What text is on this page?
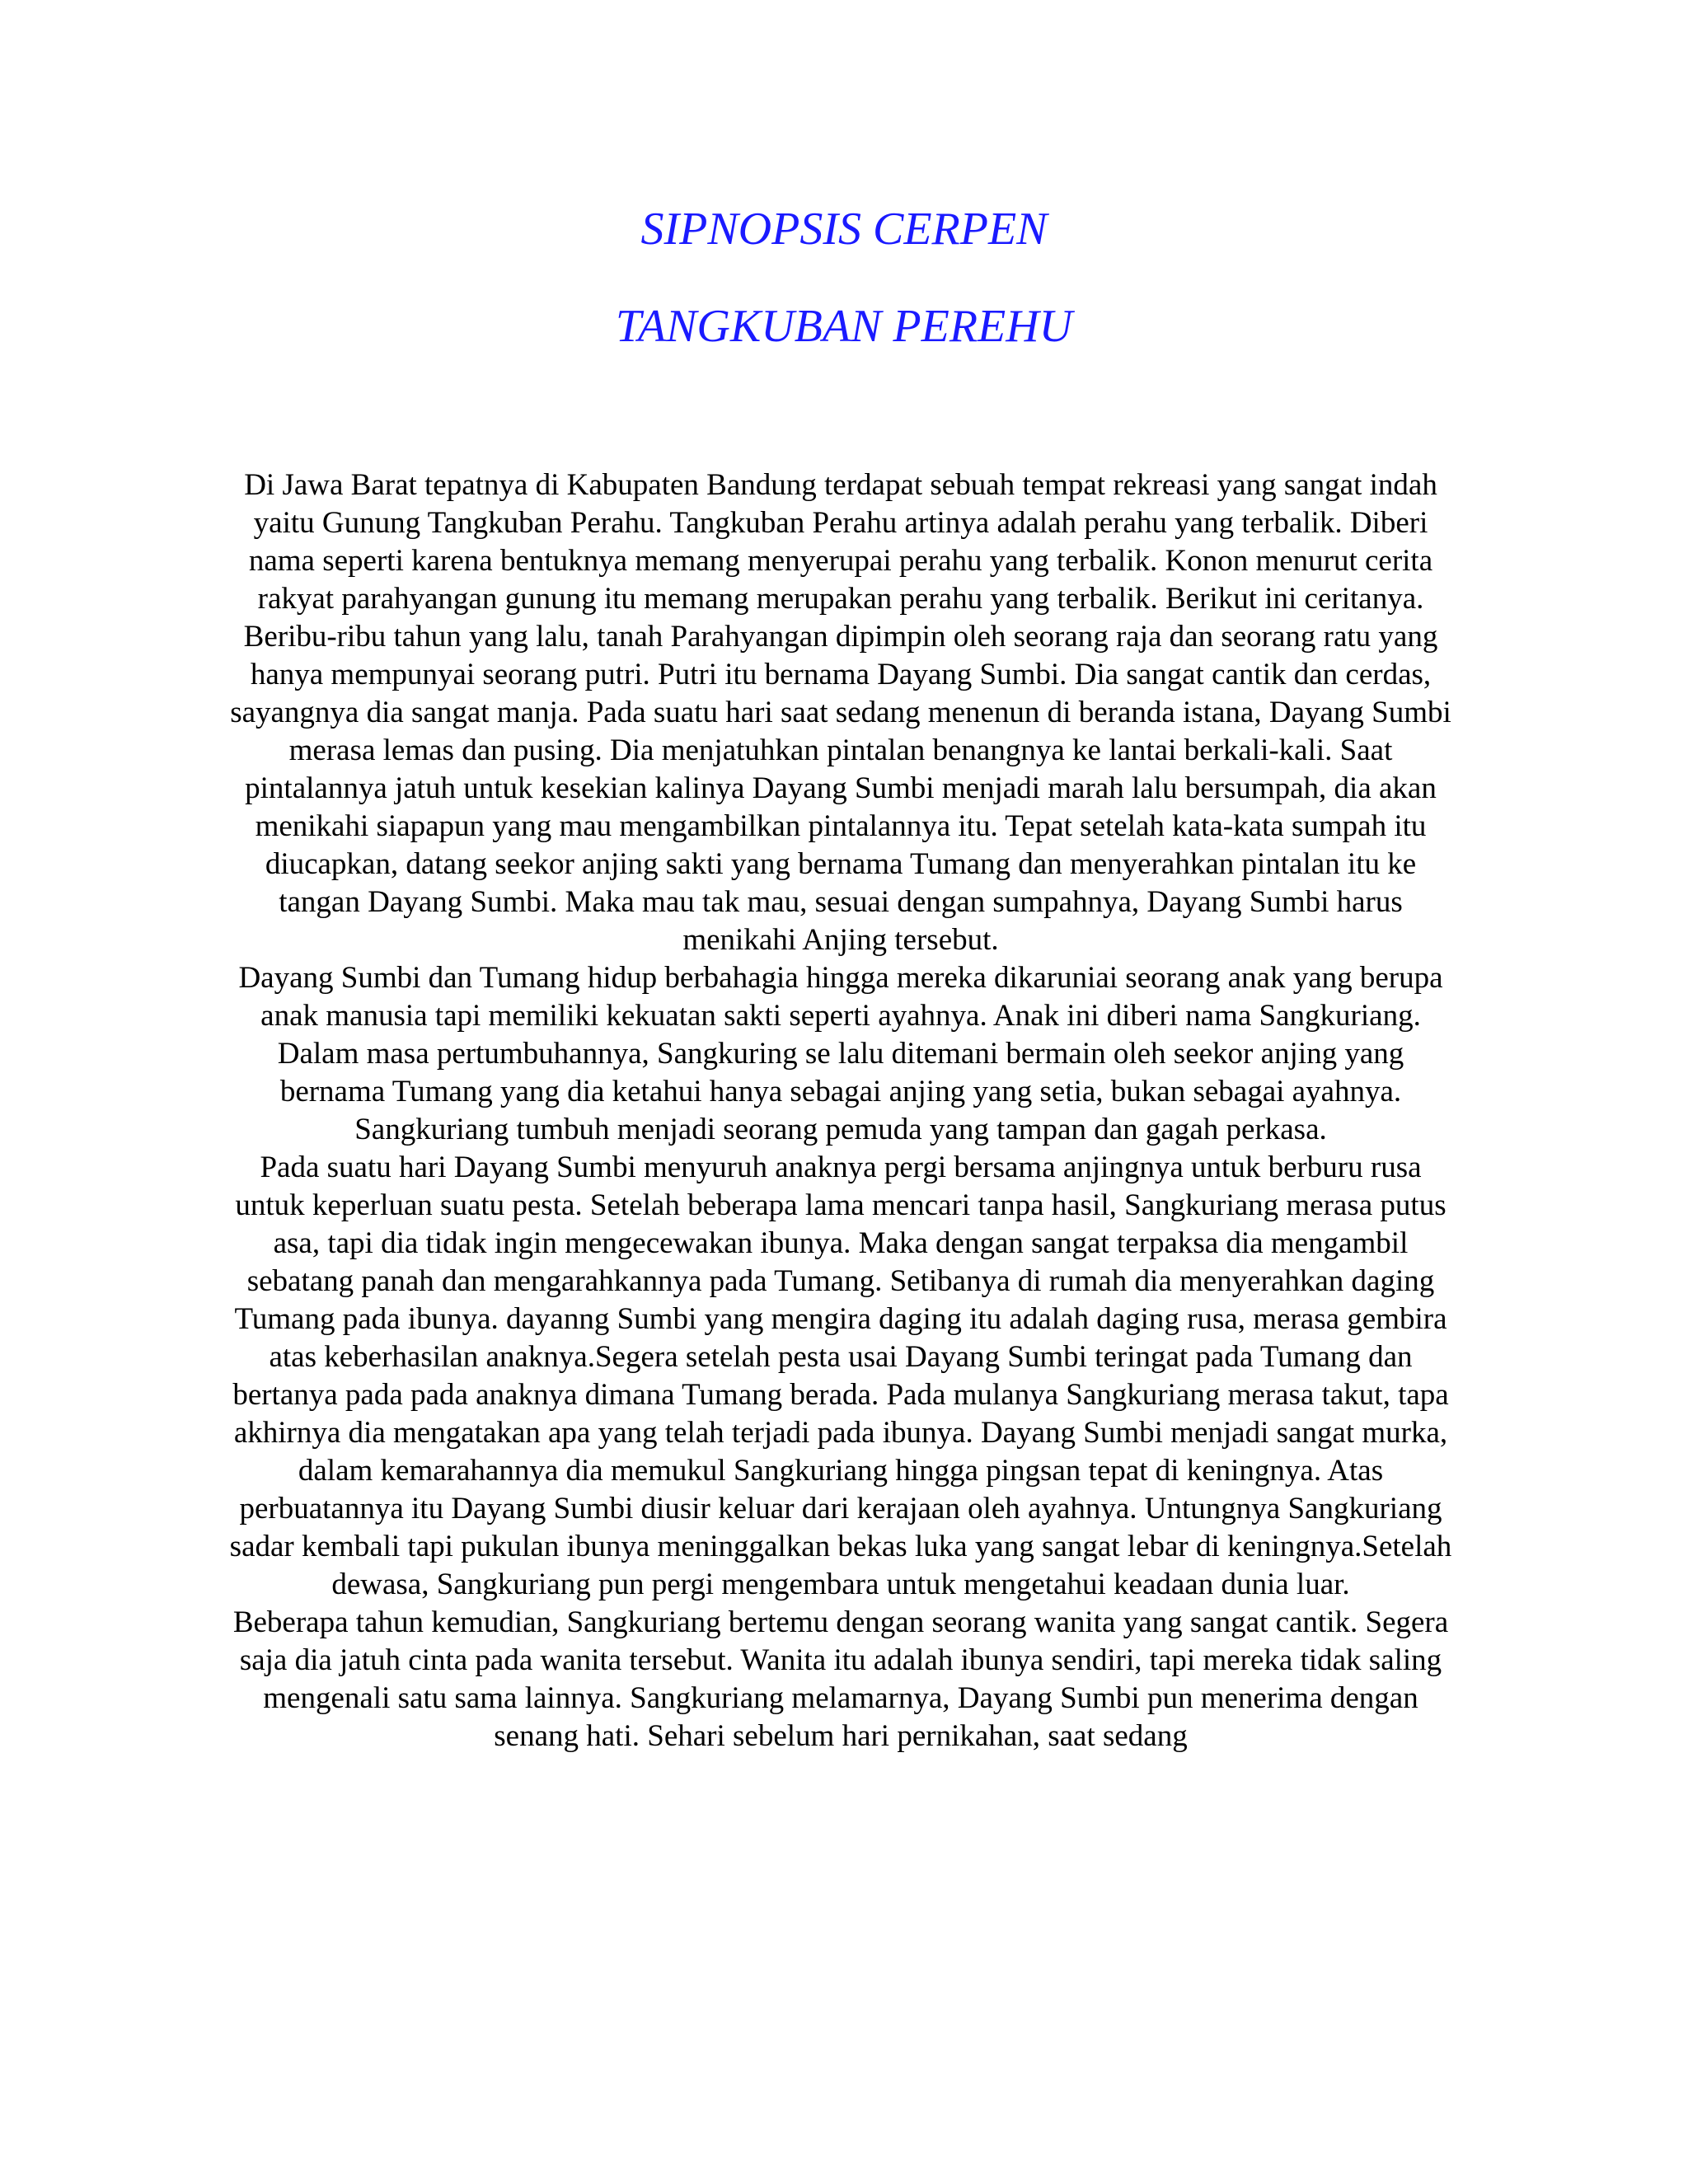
SIPNOPSIS CERPEN
TANGKUBAN PEREHU

Di Jawa Barat tepatnya di Kabupaten Bandung terdapat sebuah tempat rekreasi yang sangat indah yaitu Gunung Tangkuban Perahu. Tangkuban Perahu artinya adalah perahu yang terbalik. Diberi nama seperti karena bentuknya memang menyerupai perahu yang terbalik. Konon menurut cerita rakyat parahyangan gunung itu memang merupakan perahu yang terbalik. Berikut ini ceritanya.

Beribu-ribu tahun yang lalu, tanah Parahyangan dipimpin oleh seorang raja dan seorang ratu yang hanya mempunyai seorang putri. Putri itu bernama Dayang Sumbi. Dia sangat cantik dan cerdas, sayangnya dia sangat manja. Pada suatu hari saat sedang menenun di beranda istana, Dayang Sumbi merasa lemas dan pusing. Dia menjatuhkan pintalan benangnya ke lantai berkali-kali. Saat pintalannya jatuh untuk kesekian kalinya Dayang Sumbi menjadi marah lalu bersumpah, dia akan menikahi siapapun yang mau mengambilkan pintalannya itu. Tepat setelah kata-kata sumpah itu diucapkan, datang seekor anjing sakti yang bernama Tumang dan menyerahkan pintalan itu ke tangan Dayang Sumbi. Maka mau tak mau, sesuai dengan sumpahnya, Dayang Sumbi harus menikahi Anjing tersebut.

Dayang Sumbi dan Tumang hidup berbahagia hingga mereka dikaruniai seorang anak yang berupa anak manusia tapi memiliki kekuatan sakti seperti ayahnya. Anak ini diberi nama Sangkuriang. Dalam masa pertumbuhannya, Sangkuring se lalu ditemani bermain oleh seekor anjing yang bernama Tumang yang dia ketahui hanya sebagai anjing yang setia, bukan sebagai ayahnya. Sangkuriang tumbuh menjadi seorang pemuda yang tampan dan gagah perkasa.

Pada suatu hari Dayang Sumbi menyuruh anaknya pergi bersama anjingnya untuk berburu rusa untuk keperluan suatu pesta. Setelah beberapa lama mencari tanpa hasil, Sangkuriang merasa putus asa, tapi dia tidak ingin mengecewakan ibunya. Maka dengan sangat terpaksa dia mengambil sebatang panah dan mengarahkannya pada Tumang. Setibanya di rumah dia menyerahkan daging Tumang pada ibunya. dayanng Sumbi yang mengira daging itu adalah daging rusa, merasa gembira atas keberhasilan anaknya.Segera setelah pesta usai Dayang Sumbi teringat pada Tumang dan bertanya pada pada anaknya dimana Tumang berada. Pada mulanya Sangkuriang merasa takut, tapa akhirnya dia mengatakan apa yang telah terjadi pada ibunya. Dayang Sumbi menjadi sangat murka, dalam kemarahannya dia memukul Sangkuriang hingga pingsan tepat di keningnya. Atas perbuatannya itu Dayang Sumbi diusir keluar dari kerajaan oleh ayahnya. Untungnya Sangkuriang sadar kembali tapi pukulan ibunya meninggalkan bekas luka yang sangat lebar di keningnya.Setelah dewasa, Sangkuriang pun pergi mengembara untuk mengetahui keadaan dunia luar.

Beberapa tahun kemudian, Sangkuriang bertemu dengan seorang wanita yang sangat cantik. Segera saja dia jatuh cinta pada wanita tersebut. Wanita itu adalah ibunya sendiri, tapi mereka tidak saling mengenali satu sama lainnya. Sangkuriang melamarnya, Dayang Sumbi pun menerima dengan senang hati. Sehari sebelum hari pernikahan, saat sedang
